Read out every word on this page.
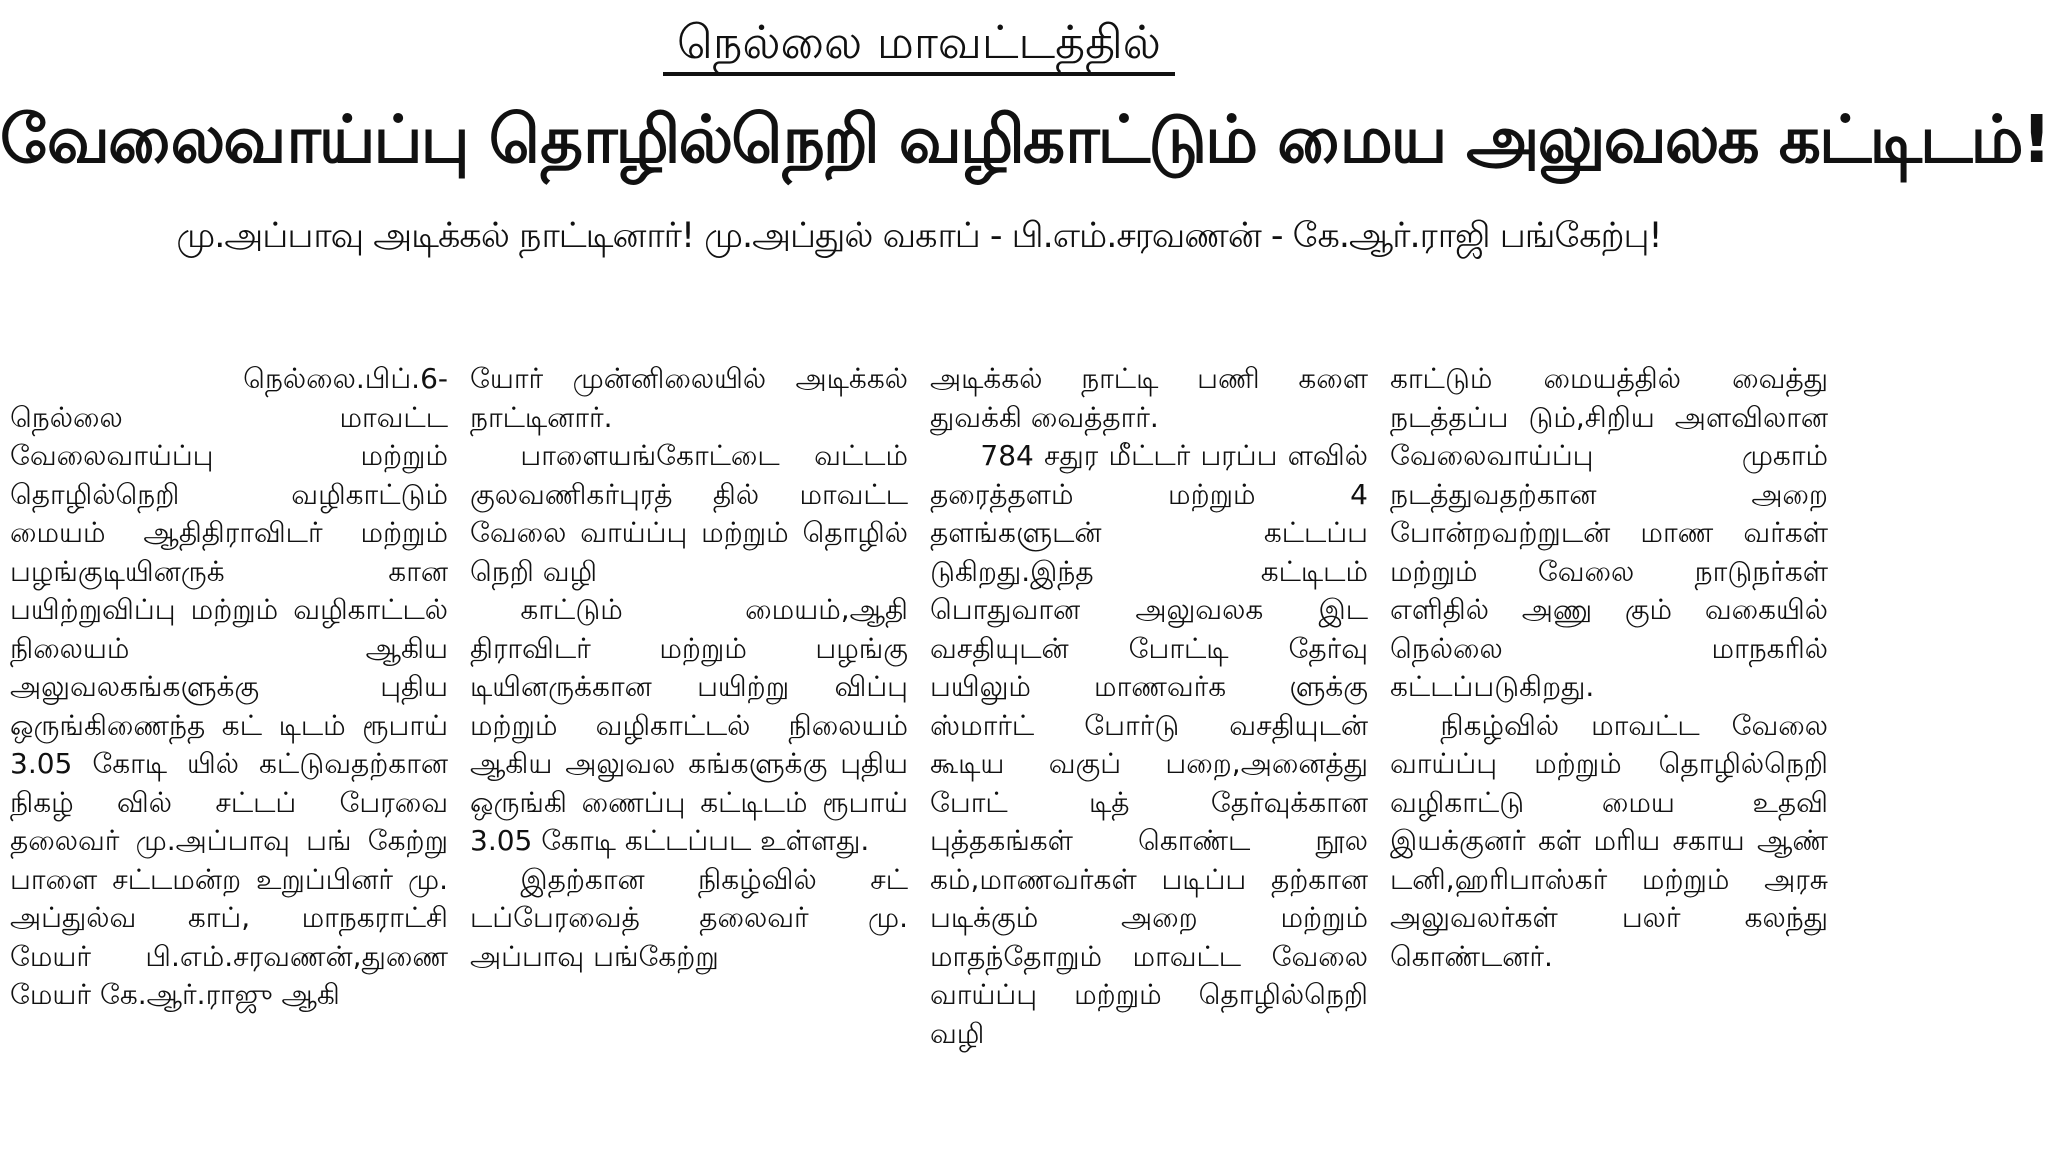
நெல்லை மாவட்டத்தில்
வேலைவாய்ப்பு தொழில்நெறி வழிகாட்டும் மைய அலுவலக கட்டிடம்!
மு.அப்பாவு அடிக்கல் நாட்டினார்! மு.அப்துல் வகாப் - பி.எம்.சரவணன் - கே.ஆர்.ராஜி பங்கேற்பு!
நெல்லை.பிப்.6-

நெல்லை மாவட்ட வேலைவாய்ப்பு மற்றும் தொழில்நெறி வழிகாட்டும் மையம் ஆதிதிராவிடர் மற்றும் பழங்குடியினருக் கான பயிற்றுவிப்பு மற்றும் வழிகாட்டல் நிலையம் ஆகிய அலுவலகங்களுக்கு புதிய ஒருங்கிணைந்த கட் டிடம் ரூபாய் 3.05 கோடி யில் கட்டுவதற்கான நிகழ் வில் சட்டப் பேரவை தலைவர் மு.அப்பாவு பங் கேற்று பாளை சட்டமன்ற உறுப்பினர் மு. அப்துல்வ காப், மாநகராட்சி மேயர் பி.எம்.சரவணன்,துணை மேயர் கே.ஆர்.ராஜு ஆகி

யோர் முன்னிலையில் அடிக்கல் நாட்டினார்.

பாளையங்கோட்டை வட்டம் குலவணிகர்புரத் தில் மாவட்ட வேலை வாய்ப்பு மற்றும் தொழில் நெறி வழி

காட்டும் மையம்,ஆதி திராவிடர் மற்றும் பழங்கு டியினருக்கான பயிற்று விப்பு மற்றும் வழிகாட்டல் நிலையம் ஆகிய அலுவல கங்களுக்கு புதிய ஒருங்கி ணைப்பு கட்டிடம் ரூபாய் 3.05 கோடி கட்டப்பட உள்ளது.

இதற்கான நிகழ்வில் சட் டப்பேரவைத் தலைவர் மு. அப்பாவு பங்கேற்று

அடிக்கல் நாட்டி பணி களை துவக்கி வைத்தார்.

784 சதுர மீட்டர் பரப்ப ளவில் தரைத்தளம் மற்றும் 4 தளங்களுடன் கட்டப்ப டுகிறது.இந்த கட்டிடம் பொதுவான அலுவலக இட வசதியுடன் போட்டி தேர்வு பயிலும் மாணவர்க ளுக்கு ஸ்மார்ட் போர்டு வசதியுடன் கூடிய வகுப் பறை,அனைத்து போட் டித் தேர்வுக்கான புத்தகங்கள் கொண்ட நூல கம்,மாணவர்கள் படிப்ப தற்கான படிக்கும் அறை மற்றும் மாதந்தோறும் மாவட்ட வேலை வாய்ப்பு மற்றும் தொழில்நெறி வழி

காட்டும் மையத்தில் வைத்து நடத்தப்ப டும்,சிறிய அளவிலான வேலைவாய்ப்பு முகாம் நடத்துவதற்கான அறை போன்றவற்றுடன் மாண வர்கள் மற்றும் வேலை நாடுநர்கள் எளிதில் அணு கும் வகையில் நெல்லை மாநகரில் கட்டப்படுகிறது.

நிகழ்வில் மாவட்ட வேலை வாய்ப்பு மற்றும் தொழில்நெறி வழிகாட்டு மைய உதவி இயக்குனர் கள் மரிய சகாய ஆண் டனி,ஹரிபாஸ்கர் மற்றும் அரசு அலுவலர்கள் பலர் கலந்து கொண்டனர்.
